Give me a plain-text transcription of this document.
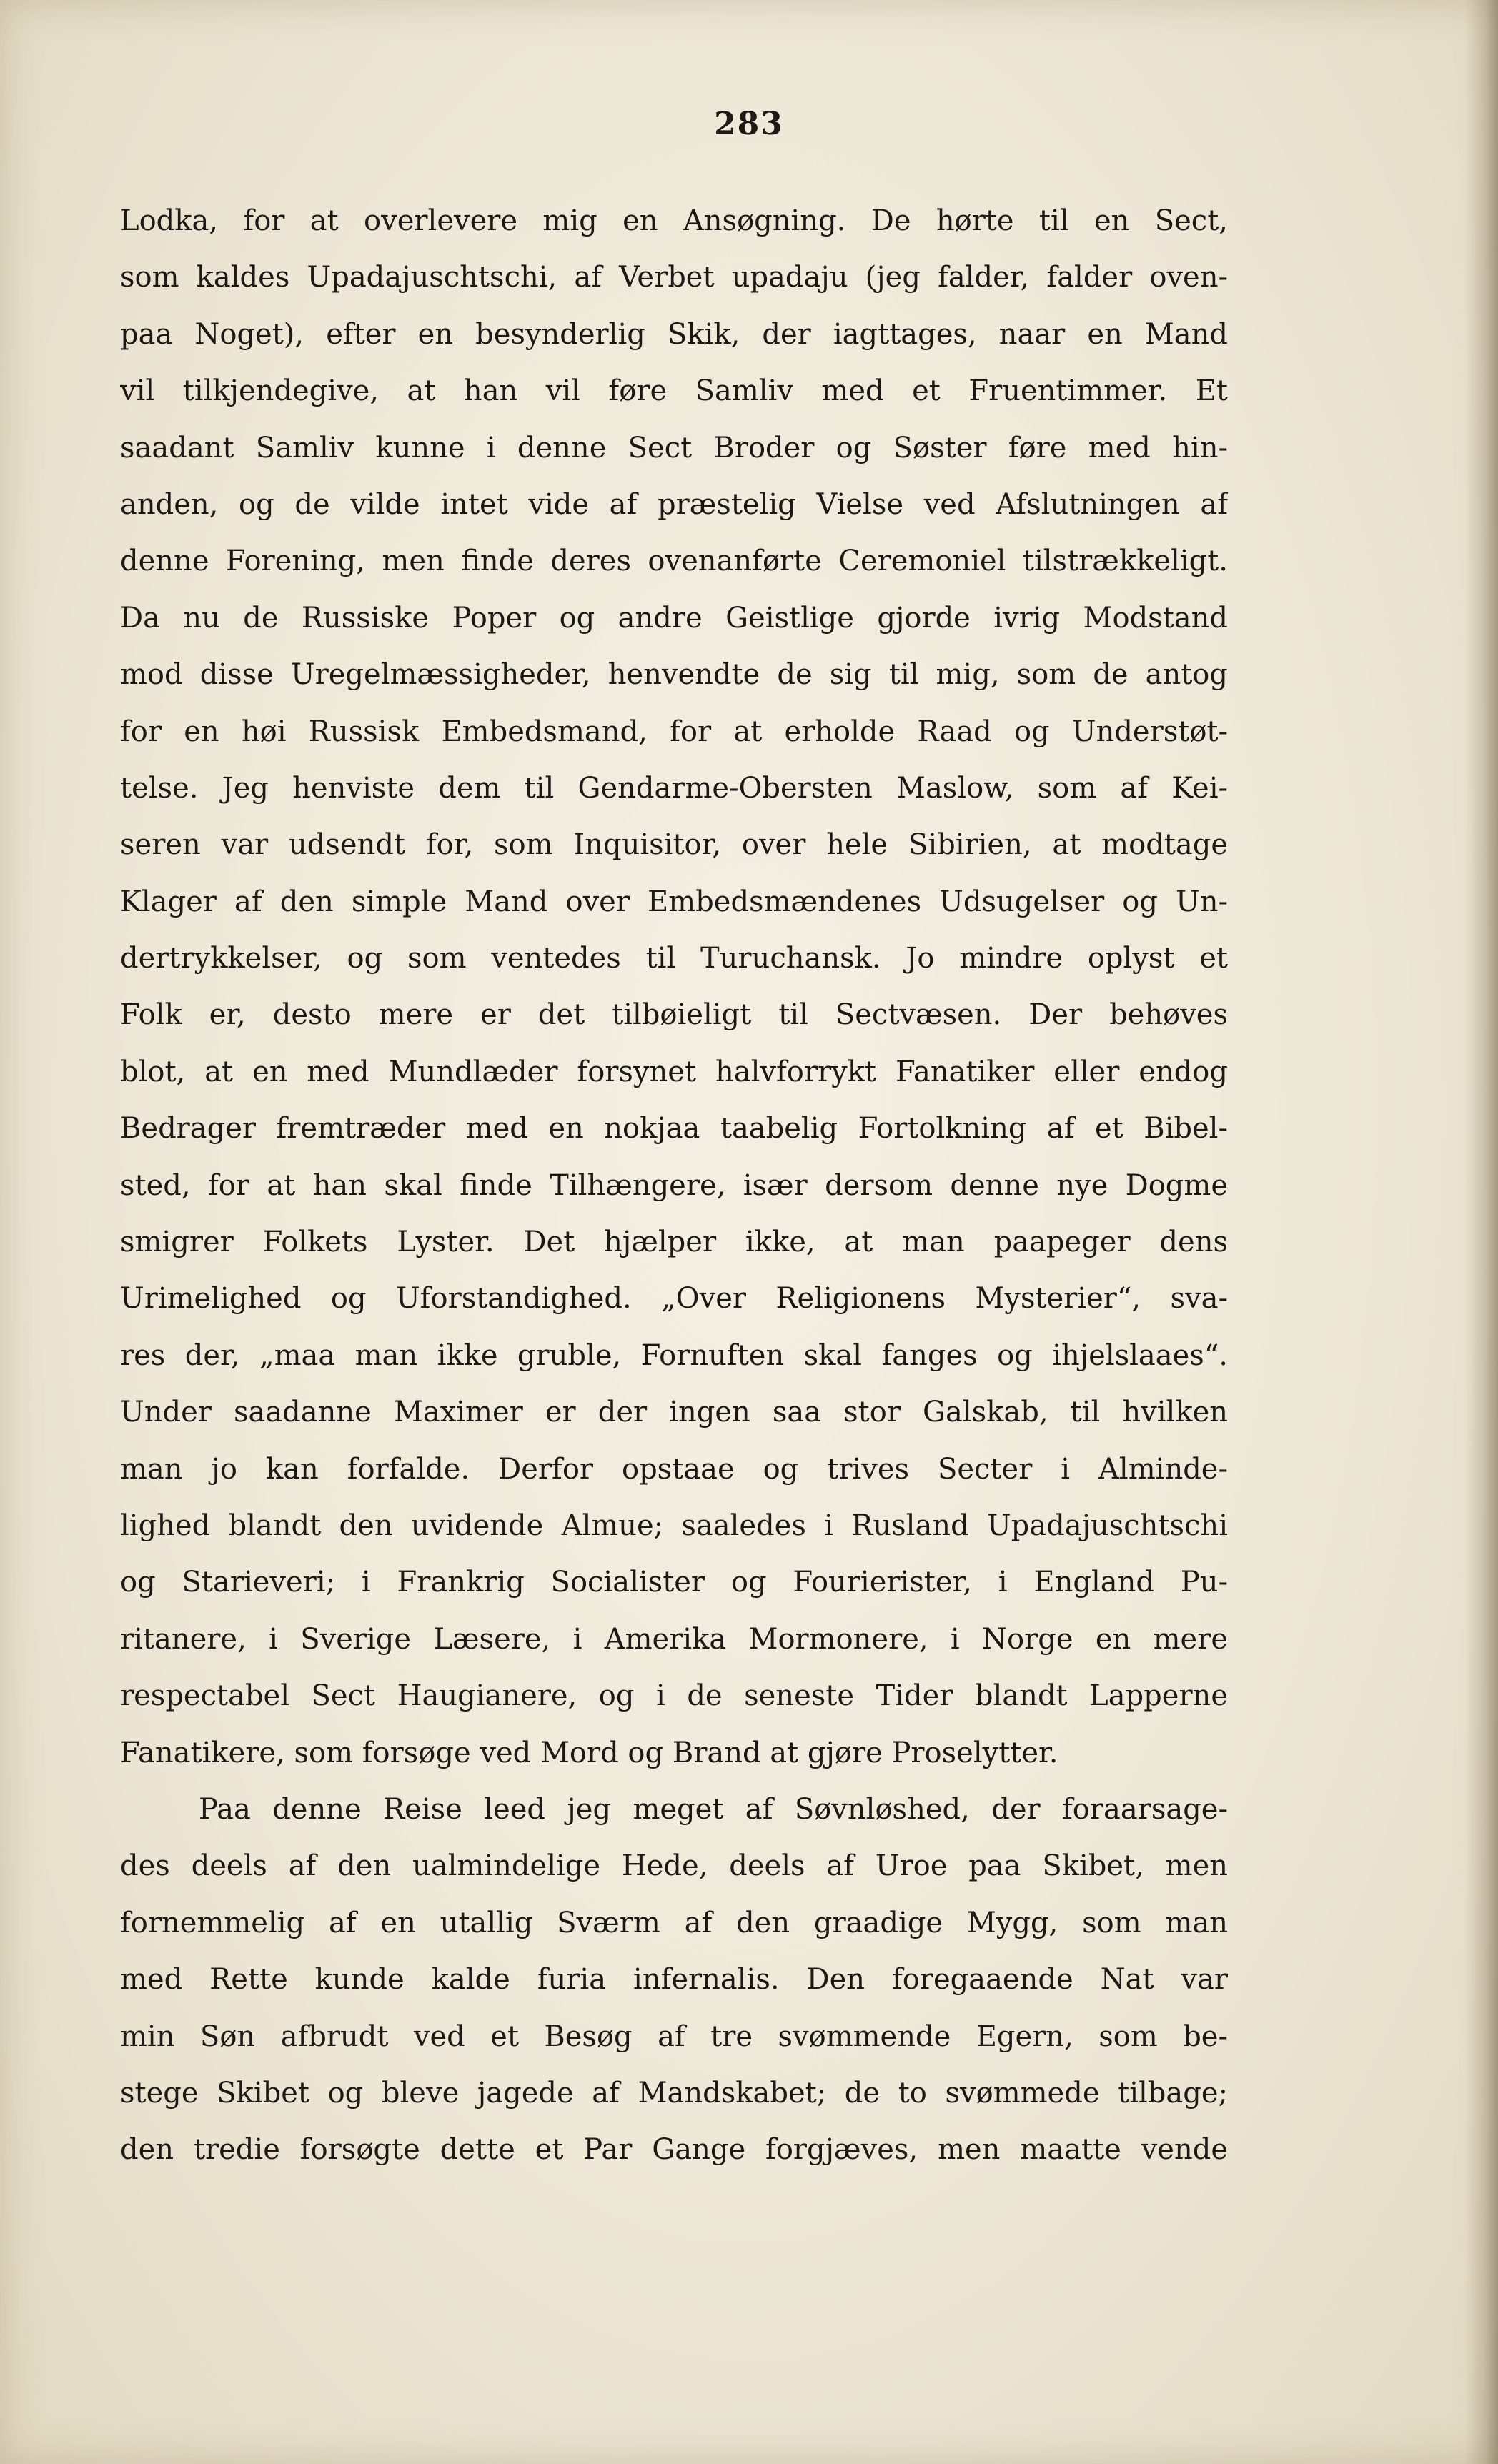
283
Lodka, for at overlevere mig en Ansøgning. De hørte til en Sect,
som kaldes Upadajuschtschi, af Verbet upadaju (jeg falder, falder oven-
paa Noget), efter en besynderlig Skik, der iagttages, naar en Mand
vil tilkjendegive, at han vil føre Samliv med et Fruentimmer. Et
saadant Samliv kunne i denne Sect Broder og Søster føre med hin-
anden, og de vilde intet vide af præstelig Vielse ved Afslutningen af
denne Forening, men finde deres ovenanførte Ceremoniel tilstrækkeligt.
Da nu de Russiske Poper og andre Geistlige gjorde ivrig Modstand
mod disse Uregelmæssigheder, henvendte de sig til mig, som de antog
for en høi Russisk Embedsmand, for at erholde Raad og Understøt-
telse. Jeg henviste dem til Gendarme-Obersten Maslow, som af Kei-
seren var udsendt for, som Inquisitor, over hele Sibirien, at modtage
Klager af den simple Mand over Embedsmændenes Udsugelser og Un-
dertrykkelser, og som ventedes til Turuchansk. Jo mindre oplyst et
Folk er, desto mere er det tilbøieligt til Sectvæsen. Der behøves
blot, at en med Mundlæder forsynet halvforrykt Fanatiker eller endog
Bedrager fremtræder med en nokjaa taabelig Fortolkning af et Bibel-
sted, for at han skal finde Tilhængere, især dersom denne nye Dogme
smigrer Folkets Lyster. Det hjælper ikke, at man paapeger dens
Urimelighed og Uforstandighed. „Over Religionens Mysterier“, sva-
res der, „maa man ikke gruble, Fornuften skal fanges og ihjelslaaes“.
Under saadanne Maximer er der ingen saa stor Galskab, til hvilken
man jo kan forfalde. Derfor opstaae og trives Secter i Alminde-
lighed blandt den uvidende Almue; saaledes i Rusland Upadajuschtschi
og Starieveri; i Frankrig Socialister og Fourierister, i England Pu-
ritanere, i Sverige Læsere, i Amerika Mormonere, i Norge en mere
respectabel Sect Haugianere, og i de seneste Tider blandt Lapperne
Fanatikere, som forsøge ved Mord og Brand at gjøre Proselytter.
Paa denne Reise leed jeg meget af Søvnløshed, der foraarsage-
des deels af den ualmindelige Hede, deels af Uroe paa Skibet, men
fornemmelig af en utallig Sværm af den graadige Mygg, som man
med Rette kunde kalde furia infernalis. Den foregaaende Nat var
min Søn afbrudt ved et Besøg af tre svømmende Egern, som be-
stege Skibet og bleve jagede af Mandskabet; de to svømmede tilbage;
den tredie forsøgte dette et Par Gange forgjæves, men maatte vende
